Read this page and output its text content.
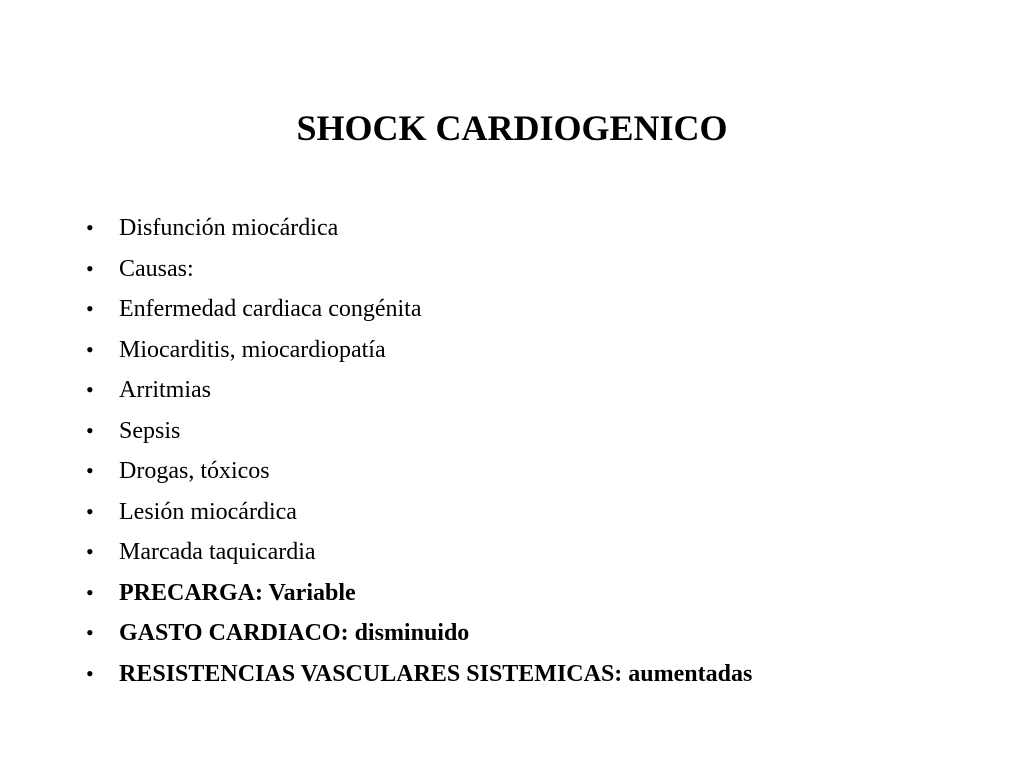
SHOCK CARDIOGENICO
•	Disfunción miocárdica
•	Causas:
•	Enfermedad cardiaca congénita
•	Miocarditis, miocardiopatía
•	Arritmias
•	Sepsis
•	Drogas, tóxicos
•	Lesión miocárdica
•	Marcada taquicardia
•	PRECARGA: Variable
•	GASTO CARDIACO: disminuido
•	RESISTENCIAS VASCULARES SISTEMICAS: aumentadas
